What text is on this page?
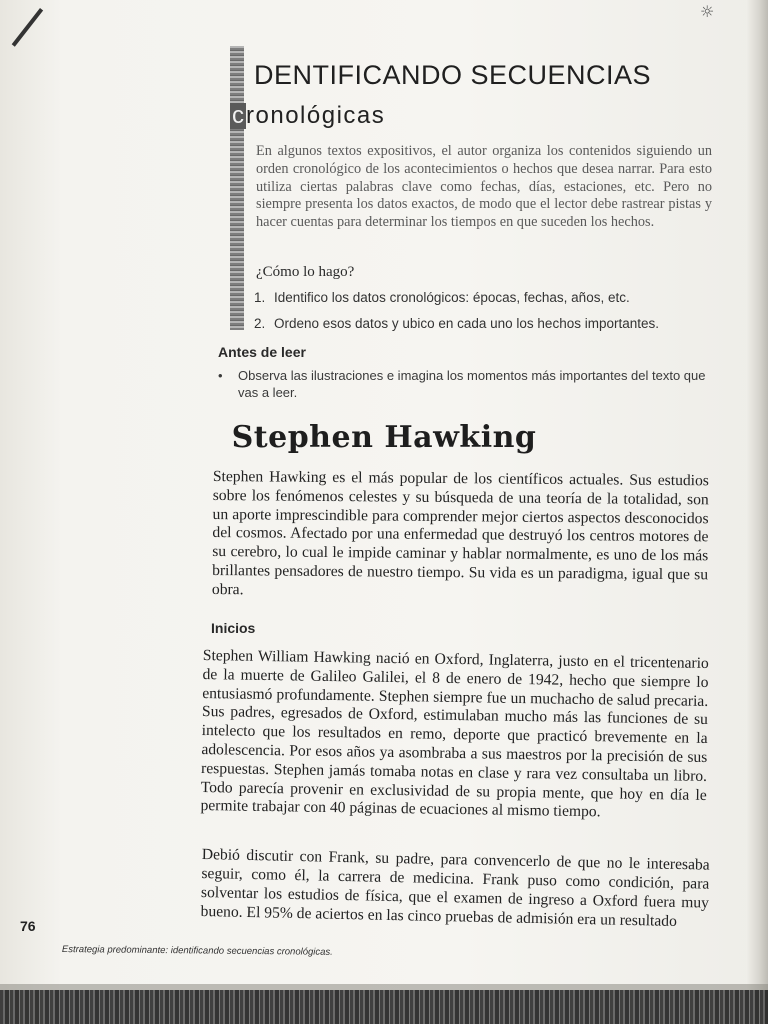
☼
DENTIFICANDO SECUENCIAS
cronológicas
En algunos textos expositivos, el autor organiza los contenidos siguiendo un orden cronológico de los acontecimientos o hechos que desea narrar. Para esto utiliza ciertas palabras clave como fechas, días, estaciones, etc. Pero no siempre presenta los datos exactos, de modo que el lector debe rastrear pistas y hacer cuentas para determinar los tiempos en que suceden los hechos.
¿Cómo lo hago?
1. Identifico los datos cronológicos: épocas, fechas, años, etc.
2. Ordeno esos datos y ubico en cada uno los hechos importantes.
Antes de leer
• Observa las ilustraciones e imagina los momentos más importantes del texto que vas a leer.
Stephen Hawking
Stephen Hawking es el más popular de los científicos actuales. Sus estudios sobre los fenómenos celestes y su búsqueda de una teoría de la totalidad, son un aporte imprescindible para comprender mejor ciertos aspectos desconocidos del cosmos. Afectado por una enfermedad que destruyó los centros motores de su cerebro, lo cual le impide caminar y hablar normalmente, es uno de los más brillantes pensadores de nuestro tiempo. Su vida es un paradigma, igual que su obra.
Inicios
Stephen William Hawking nació en Oxford, Inglaterra, justo en el tricentenario de la muerte de Galileo Galilei, el 8 de enero de 1942, hecho que siempre lo entusiasmó profundamente. Stephen siempre fue un muchacho de salud precaria. Sus padres, egresados de Oxford, estimulaban mucho más las funciones de su intelecto que los resultados en remo, deporte que practicó brevemente en la adolescencia. Por esos años ya asombraba a sus maestros por la precisión de sus respuestas. Stephen jamás tomaba notas en clase y rara vez consultaba un libro. Todo parecía provenir en exclusividad de su propia mente, que hoy en día le permite trabajar con 40 páginas de ecuaciones al mismo tiempo.
Debió discutir con Frank, su padre, para convencerlo de que no le interesaba seguir, como él, la carrera de medicina. Frank puso como condición, para solventar los estudios de física, que el examen de ingreso a Oxford fuera muy bueno. El 95% de aciertos en las cinco pruebas de admisión era un resultado
76
Estrategia predominante: identificando secuencias cronológicas.
